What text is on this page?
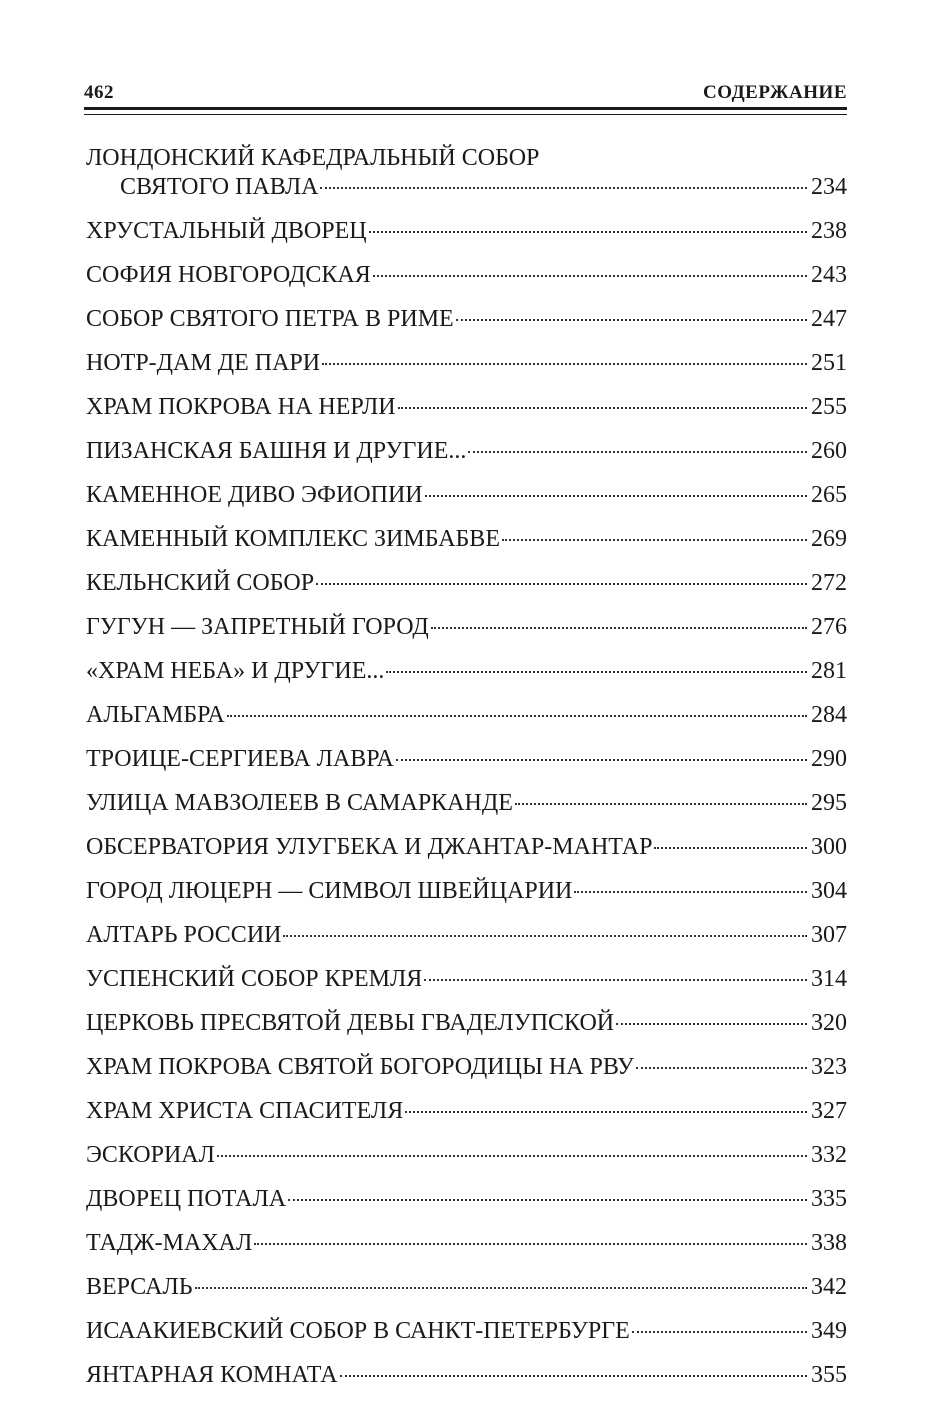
462	СОДЕРЖАНИЕ
ЛОНДОНСКИЙ КАФЕДРАЛЬНЫЙ СОБОР
СВЯТОГО ПАВЛА	234
ХРУСТАЛЬНЫЙ ДВОРЕЦ	238
СОФИЯ НОВГОРОДСКАЯ	243
СОБОР СВЯТОГО ПЕТРА В РИМЕ	247
НОТР-ДАМ ДЕ ПАРИ	251
ХРАМ ПОКРОВА НА НЕРЛИ	255
ПИЗАНСКАЯ БАШНЯ И ДРУГИЕ...	260
КАМЕННОЕ ДИВО ЭФИОПИИ	265
КАМЕННЫЙ КОМПЛЕКС ЗИМБАБВЕ	269
КЕЛЬНСКИЙ СОБОР	272
ГУГУН — ЗАПРЕТНЫЙ ГОРОД	276
«ХРАМ НЕБА» И ДРУГИЕ...	281
АЛЬГАМБРА	284
ТРОИЦЕ-СЕРГИЕВА ЛАВРА	290
УЛИЦА МАВЗОЛЕЕВ В САМАРКАНДЕ	295
ОБСЕРВАТОРИЯ УЛУГБЕКА И ДЖАНТАР-МАНТАР	300
ГОРОД ЛЮЦЕРН — СИМВОЛ ШВЕЙЦАРИИ	304
АЛТАРЬ РОССИИ	307
УСПЕНСКИЙ СОБОР КРЕМЛЯ	314
ЦЕРКОВЬ ПРЕСВЯТОЙ ДЕВЫ ГВАДЕЛУПСКОЙ	320
ХРАМ ПОКРОВА СВЯТОЙ БОГОРОДИЦЫ НА РВУ	323
ХРАМ ХРИСТА СПАСИТЕЛЯ	327
ЭСКОРИАЛ	332
ДВОРЕЦ ПОТАЛА	335
ТАДЖ-МАХАЛ	338
ВЕРСАЛЬ	342
ИСААКИЕВСКИЙ СОБОР В САНКТ-ПЕТЕРБУРГЕ	349
ЯНТАРНАЯ КОМНАТА	355
